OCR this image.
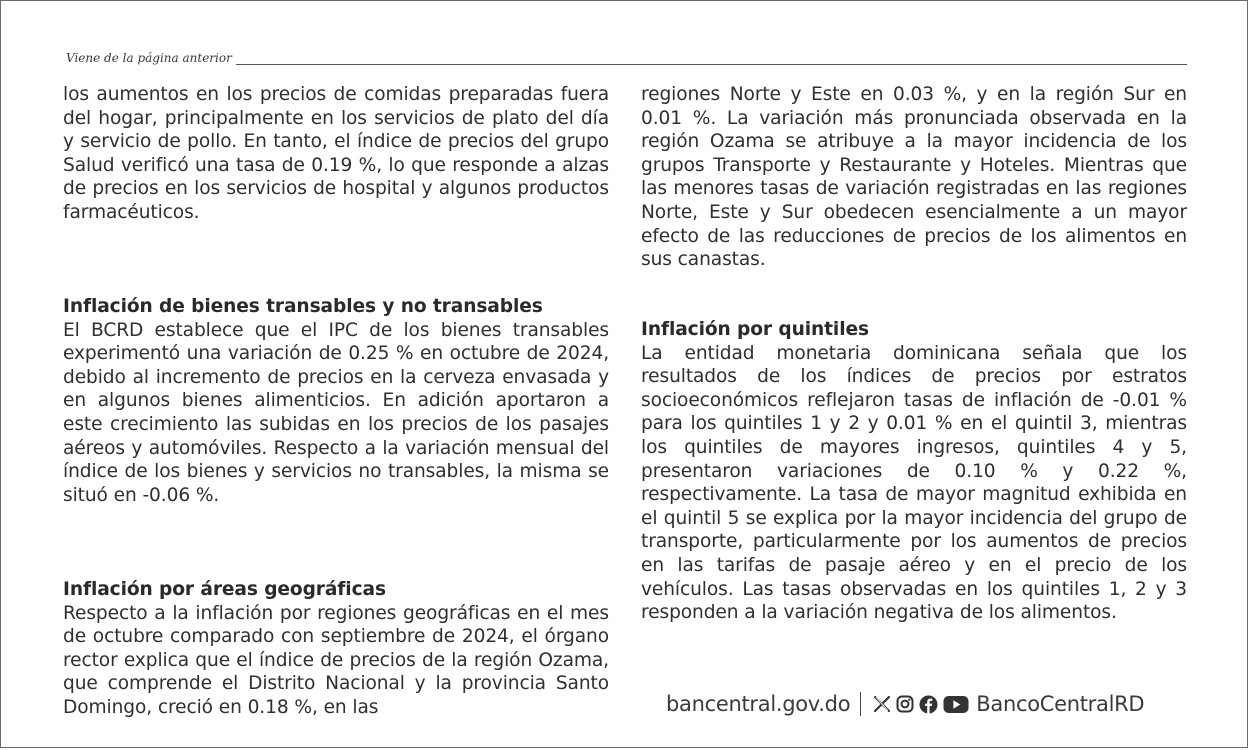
Viene de la página anterior

los aumentos en los precios de comidas preparadas fuera del hogar, principalmente en los servicios de plato del día y servicio de pollo. En tanto, el índice de precios del grupo Salud verificó una tasa de 0.19 %, lo que responde a alzas de precios en los servicios de hospital y algunos productos farmacéuticos.

Inflación de bienes transables y no transables

El BCRD establece que el IPC de los bienes transables experimentó una variación de 0.25 % en octubre de 2024, debido al incremento de precios en la cerveza envasada y en algunos bienes alimenticios. En adición aportaron a este crecimiento las subidas en los precios de los pasajes aéreos y automóviles. Respecto a la variación mensual del índice de los bienes y servicios no transables, la misma se situó en -0.06 %.

Inflación por áreas geográficas

Respecto a la inflación por regiones geográficas en el mes de octubre comparado con septiembre de 2024, el órgano rector explica que el índice de precios de la región Ozama, que comprende el Distrito Nacional y la provincia Santo Domingo, creció en 0.18 %, en las

regiones Norte y Este en 0.03 %, y en la región Sur en 0.01 %. La variación más pronunciada observada en la región Ozama se atribuye a la mayor incidencia de los grupos Transporte y Restaurante y Hoteles. Mientras que las menores tasas de variación registradas en las regiones Norte, Este y Sur obedecen esencialmente a un mayor efecto de las reducciones de precios de los alimentos en sus canastas.

Inflación por quintiles

La entidad monetaria dominicana señala que los resultados de los índices de precios por estratos socioeconómicos reflejaron tasas de inflación de -0.01 % para los quintiles 1 y 2 y 0.01 % en el quintil 3, mientras los quintiles de mayores ingresos, quintiles 4 y 5, presentaron variaciones de 0.10 % y 0.22 %, respectivamente. La tasa de mayor magnitud exhibida en el quintil 5 se explica por la mayor incidencia del grupo de transporte, particularmente por los aumentos de precios en las tarifas de pasaje aéreo y en el precio de los vehículos. Las tasas observadas en los quintiles 1, 2 y 3 responden a la variación negativa de los alimentos.

bancentral.gov.do	BancoCentralRD
